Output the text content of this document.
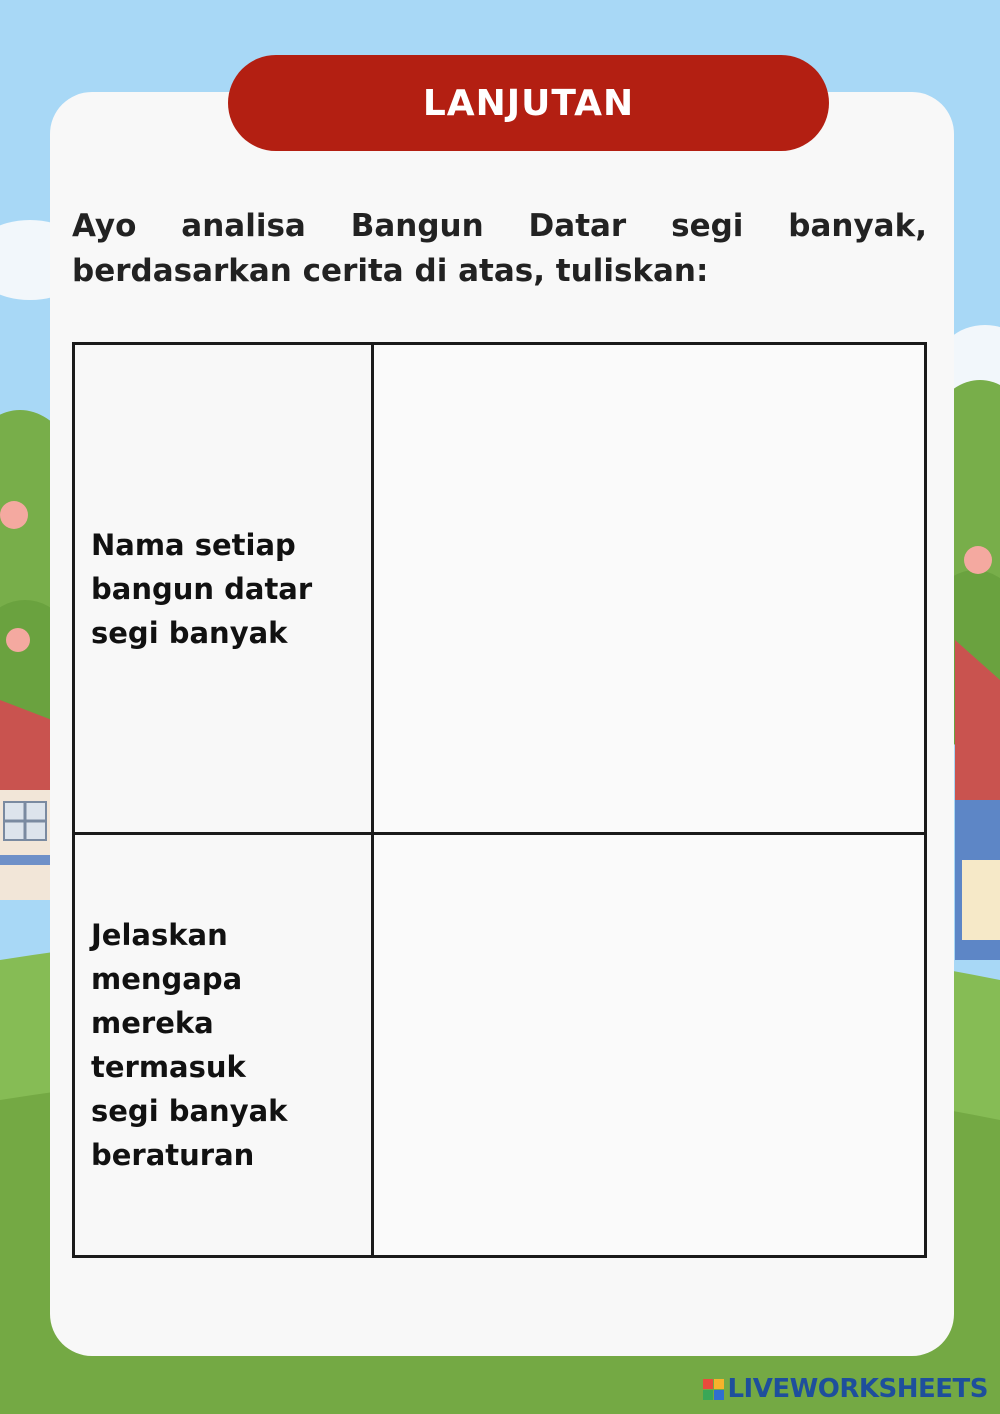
LANJUTAN

Ayo analisa Bangun Datar segi banyak, berdasarkan cerita di atas, tuliskan:

Nama setiap
bangun datar
segi banyak	

Jelaskan
mengapa
mereka termasuk
segi banyak
beraturan	

LIVEWORKSHEETS
